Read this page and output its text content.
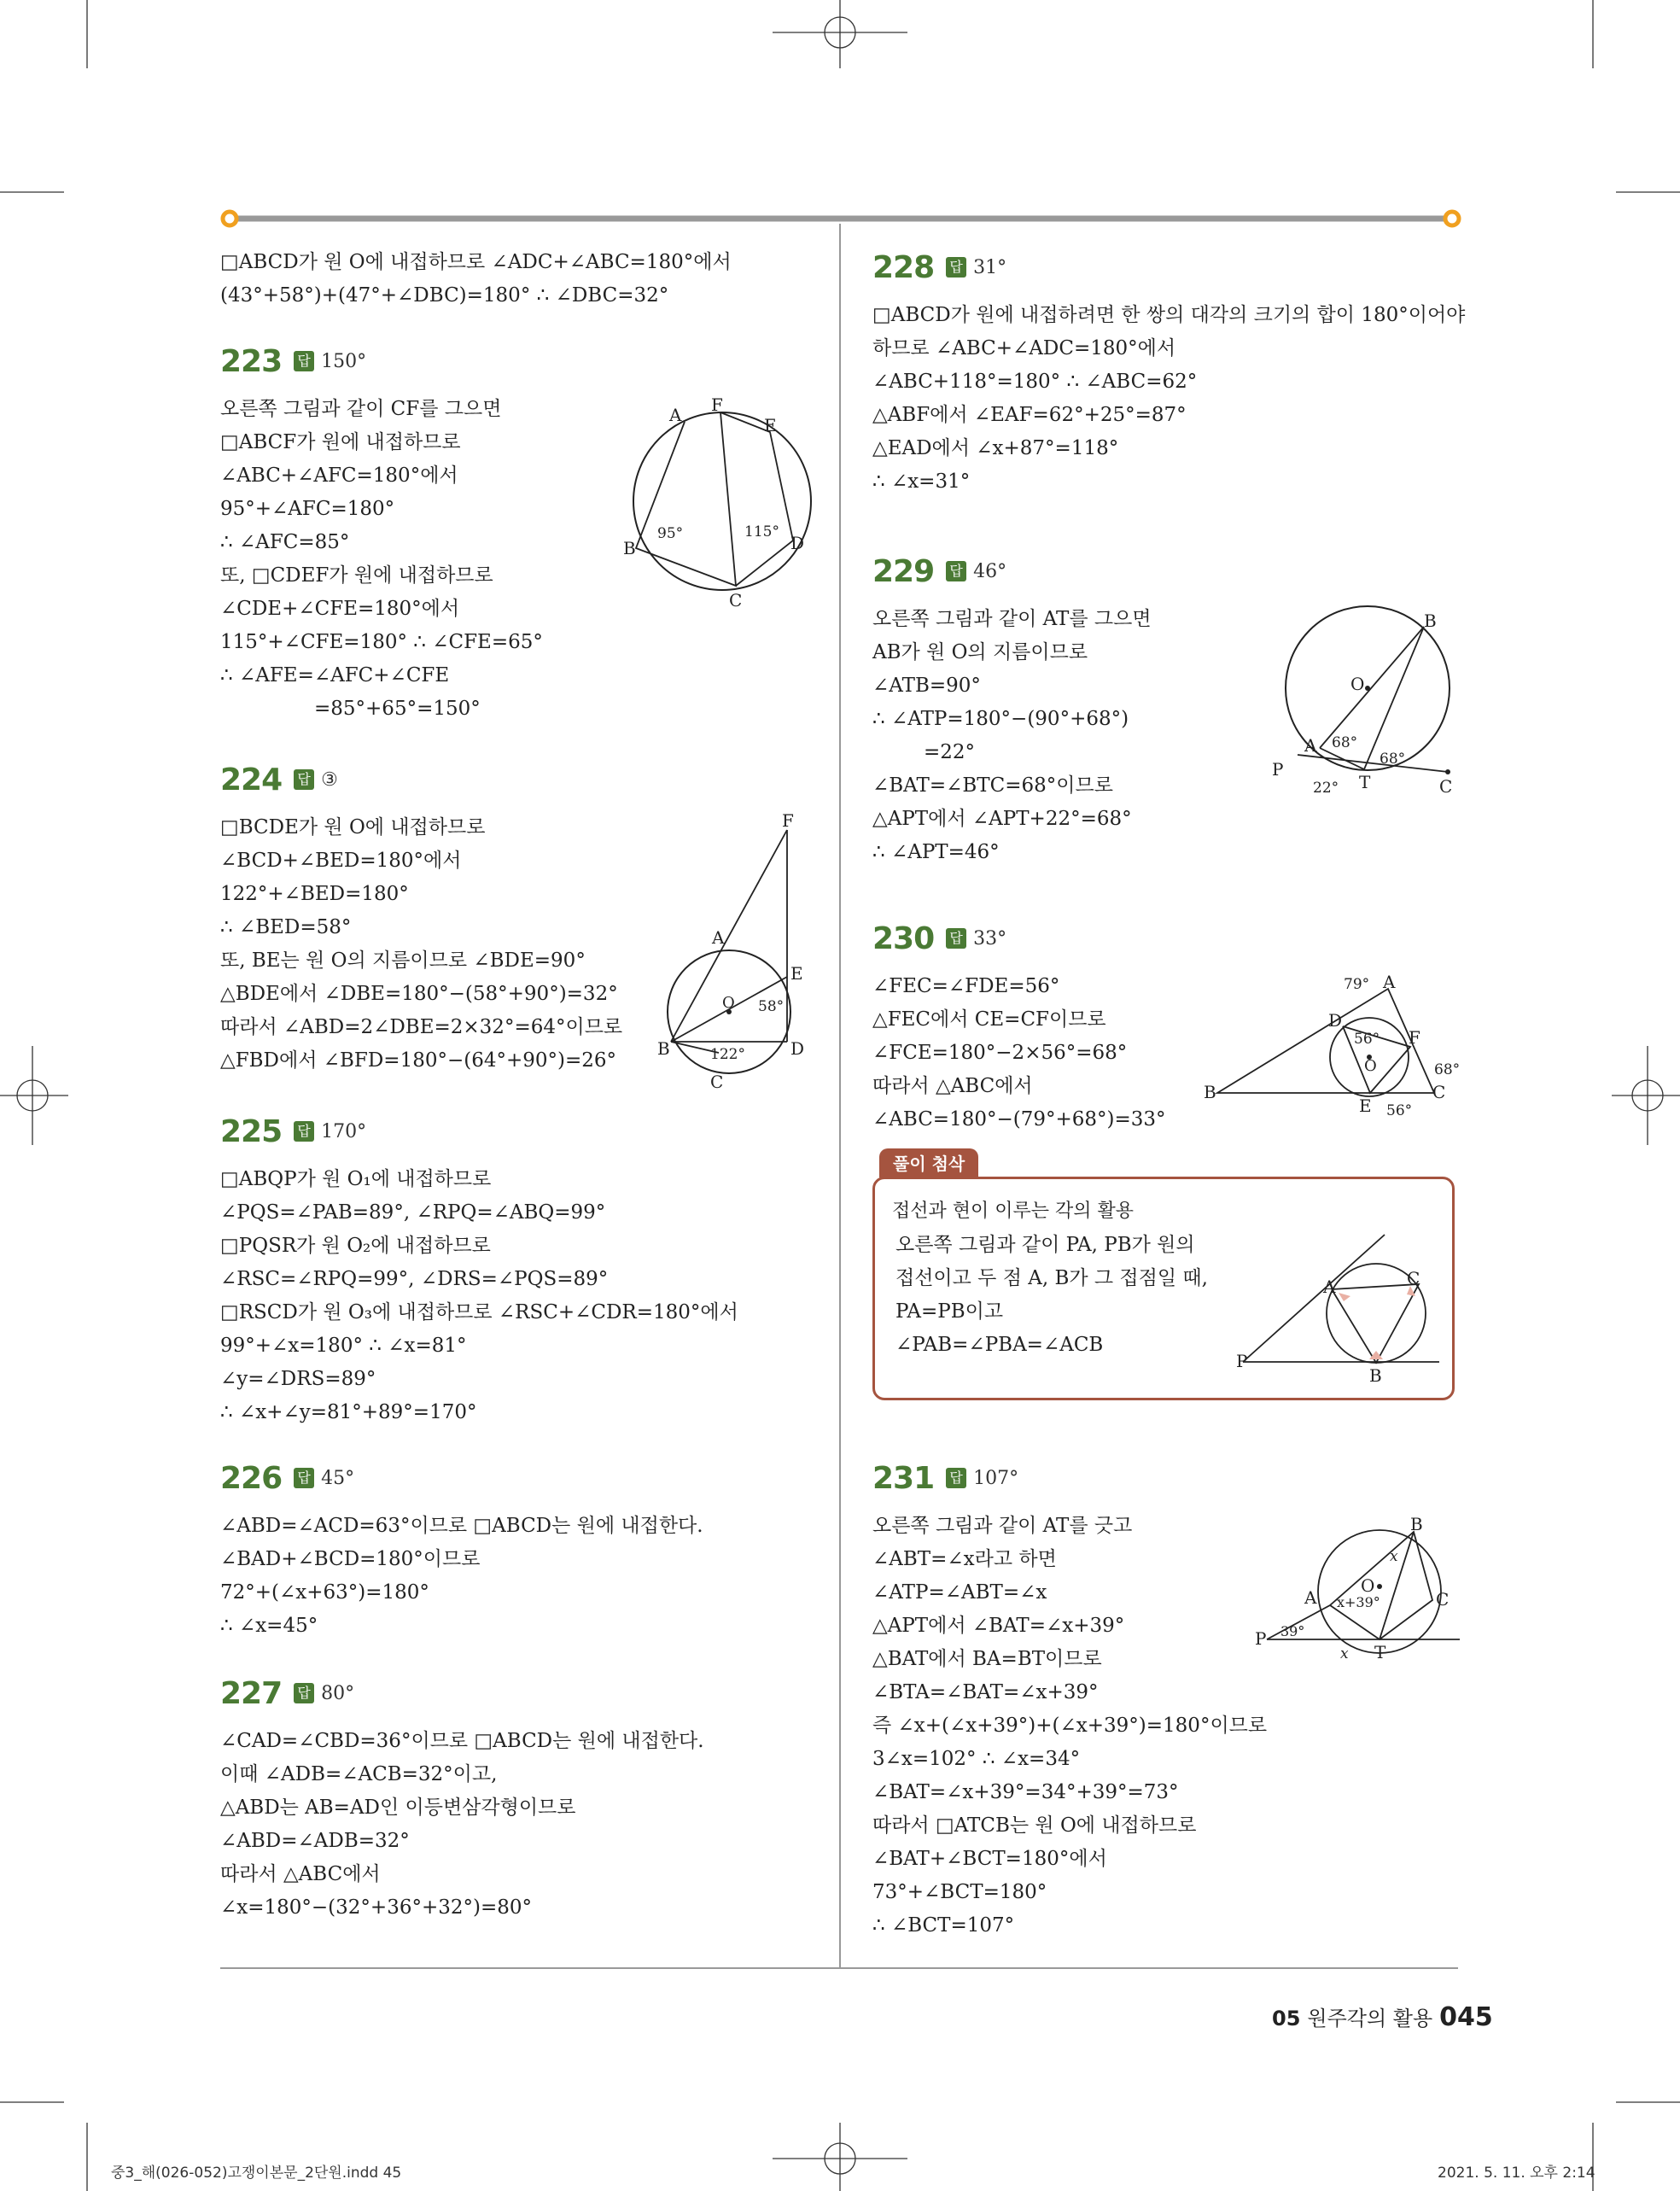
□ABCD가 원 O에 내접하므로 ∠ADC+∠ABC=180°에서
(43°+58°)+(47°+∠DBC)=180° ∴ ∠DBC=32°
223 답 150°
오른쪽 그림과 같이 CF를 그으면
□ABCF가 원에 내접하므로
∠ABC+∠AFC=180°에서
95°+∠AFC=180°
∴ ∠AFC=85°
또, □CDEF가 원에 내접하므로
∠CDE+∠CFE=180°에서
115°+∠CFE=180° ∴ ∠CFE=65°
∴ ∠AFE=∠AFC+∠CFE
=85°+65°=150°
224 답 ③
□BCDE가 원 O에 내접하므로
∠BCD+∠BED=180°에서
122°+∠BED=180°
∴ ∠BED=58°
또, BE는 원 O의 지름이므로 ∠BDE=90°
△BDE에서 ∠DBE=180°−(58°+90°)=32°
따라서 ∠ABD=2∠DBE=2×32°=64°이므로
△FBD에서 ∠BFD=180°−(64°+90°)=26°
225 답 170°
□ABQP가 원 O₁에 내접하므로
∠PQS=∠PAB=89°, ∠RPQ=∠ABQ=99°
□PQSR가 원 O₂에 내접하므로
∠RSC=∠RPQ=99°, ∠DRS=∠PQS=89°
□RSCD가 원 O₃에 내접하므로 ∠RSC+∠CDR=180°에서
99°+∠x=180° ∴ ∠x=81°
∠y=∠DRS=89°
∴ ∠x+∠y=81°+89°=170°
226 답 45°
∠ABD=∠ACD=63°이므로 □ABCD는 원에 내접한다.
∠BAD+∠BCD=180°이므로
72°+(∠x+63°)=180°
∴ ∠x=45°
227 답 80°
∠CAD=∠CBD=36°이므로 □ABCD는 원에 내접한다.
이때 ∠ADB=∠ACB=32°이고,
△ABD는 AB=AD인 이등변삼각형이므로
∠ABD=∠ADB=32°
따라서 △ABC에서
∠x=180°−(32°+36°+32°)=80°
A F
E
B	D
C
95°	115°
F
A
E
O
B	D
C
58°
122°
228 답 31°
□ABCD가 원에 내접하려면 한 쌍의 대각의 크기의 합이 180°이어야
하므로 ∠ABC+∠ADC=180°에서
∠ABC+118°=180° ∴ ∠ABC=62°
△ABF에서 ∠EAF=62°+25°=87°
△EAD에서 ∠x+87°=118°
∴ ∠x=31°
229 답 46°
오른쪽 그림과 같이 AT를 그으면
AB가 원 O의 지름이므로
∠ATB=90°
∴ ∠ATP=180°−(90°+68°)
=22°
∠BAT=∠BTC=68°이므로
△APT에서 ∠APT+22°=68°
∴ ∠APT=46°
230 답 33°
∠FEC=∠FDE=56°
△FEC에서 CE=CF이므로
∠FCE=180°−2×56°=68°
따라서 △ABC에서
∠ABC=180°−(79°+68°)=33°
231 답 107°
오른쪽 그림과 같이 AT를 긋고
∠ABT=∠x라고 하면
∠ATP=∠ABT=∠x
△APT에서 ∠BAT=∠x+39°
△BAT에서 BA=BT이므로
∠BTA=∠BAT=∠x+39°
즉 ∠x+(∠x+39°)+(∠x+39°)=180°이므로
3∠x=102° ∴ ∠x=34°
∠BAT=∠x+39°=34°+39°=73°
따라서 □ATCB는 원 O에 내접하므로
∠BAT+∠BCT=180°에서
73°+∠BCT=180°
∴ ∠BCT=107°
B
O
A
P
T	C
68°
68°
22°
A
D
F
O
B
E
C
79°
56°
68°
56°
풀이 첨삭
접선과 현이 이루는 각의 활용
오른쪽 그림과 같이 PA, PB가 원의
접선이고 두 점 A, B가 그 접점일 때,
PA=PB이고
∠PAB=∠PBA=∠ACB
A	C
P
B
B
O
A	C
P
T
x
x
x+39°
39°
05 원주각의 활용 045
중3_해(026-052)고쟁이본문_2단원.indd 45	2021. 5. 11. 오후 2:14
